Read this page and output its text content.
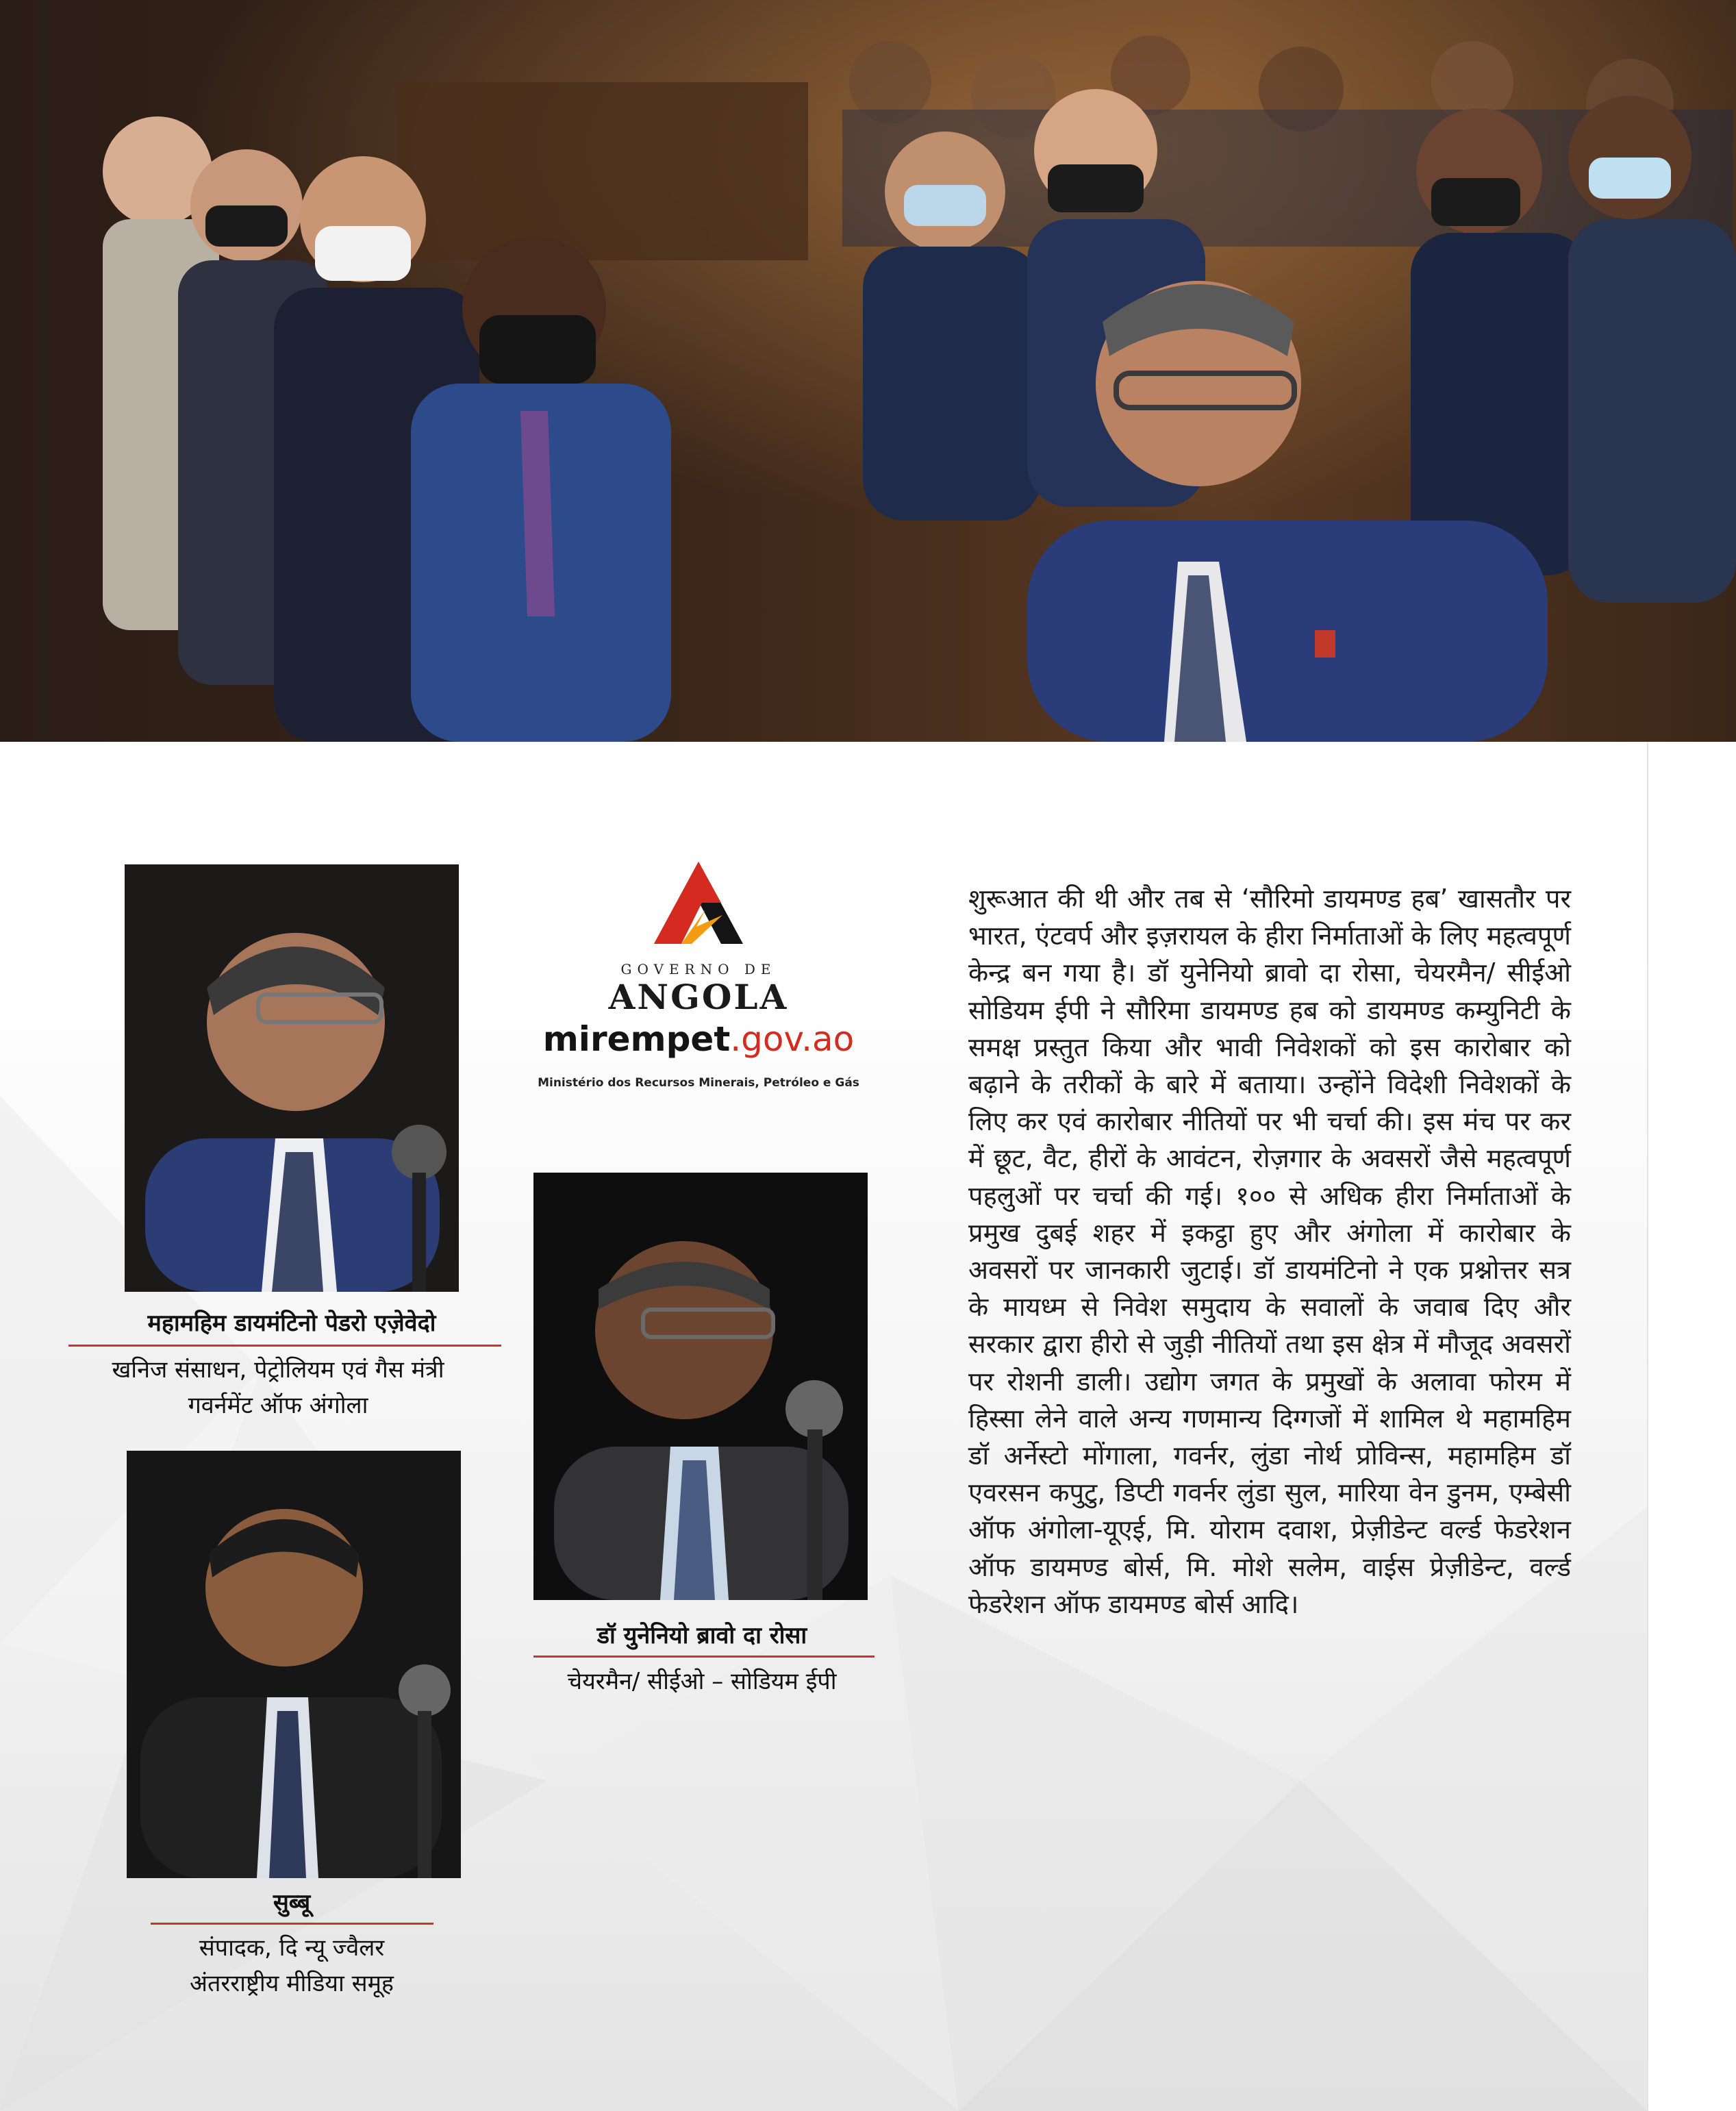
महामहिम डायमंटिनो पेडरो एज़ेवेदो
खनिज संसाधन, पेट्रोलियम एवं गैस मंत्री
गवर्नमेंट ऑफ अंगोला
सुब्बू
संपादक, दि न्यू ज्वैलर
अंतरराष्ट्रीय मीडिया समूह
GOVERNO DE
ANGOLA
mirempet.gov.ao
Ministério dos Recursos Minerais, Petróleo e Gás
डॉ युनेनियो ब्रावो दा रोसा
चेयरमैन/ सीईओ – सोडियम ईपी

शुरूआत की थी और तब से ‘सौरिमो डायमण्ड हब’ खासतौर पर भारत, एंटवर्प और इज़रायल के हीरा निर्माताओं के लिए महत्वपूर्ण केन्द्र बन गया है। डॉ युनेनियो ब्रावो दा रोसा, चेयरमैन/ सीईओ सोडियम ईपी ने सौरिमा डायमण्ड हब को डायमण्ड कम्युनिटी के समक्ष प्रस्तुत किया और भावी निवेशकों को इस कारोबार को बढ़ाने के तरीकों के बारे में बताया। उन्होंने विदेशी निवेशकों के लिए कर एवं कारोबार नीतियों पर भी चर्चा की। इस मंच पर कर में छूट, वैट, हीरों के आवंटन, रोज़गार के अवसरों जैसे महत्वपूर्ण पहलुओं पर चर्चा की गई। १०० से अधिक हीरा निर्माताओं के प्रमुख दुबई शहर में इकट्ठा हुए और अंगोला में कारोबार के अवसरों पर जानकारी जुटाई। डॉ डायमंटिनो ने एक प्रश्नोत्तर सत्र के मायध्म से निवेश समुदाय के सवालों के जवाब दिए और सरकार द्वारा हीरो से जुड़ी नीतियों तथा इस क्षेत्र में मौजूद अवसरों पर रोशनी डाली। उद्योग जगत के प्रमुखों के अलावा फोरम में हिस्सा लेने वाले अन्य गणमान्य दिग्गजों में शामिल थे महामहिम डॉ अर्नेस्टो मोंगाला, गवर्नर, लुंडा नोर्थ प्रोविन्स, महामहिम डॉ एवरसन कपुटु, डिप्टी गवर्नर लुंडा सुल, मारिया वेन डुनम, एम्बेसी ऑफ अंगोला-यूएई, मि. योराम दवाश, प्रेज़ीडेन्ट वर्ल्ड फेडरेशन ऑफ डायमण्ड बोर्स, मि. मोशे सलेम, वाईस प्रेज़ीडेन्ट, वर्ल्ड फेडरेशन ऑफ डायमण्ड बोर्स आदि।
